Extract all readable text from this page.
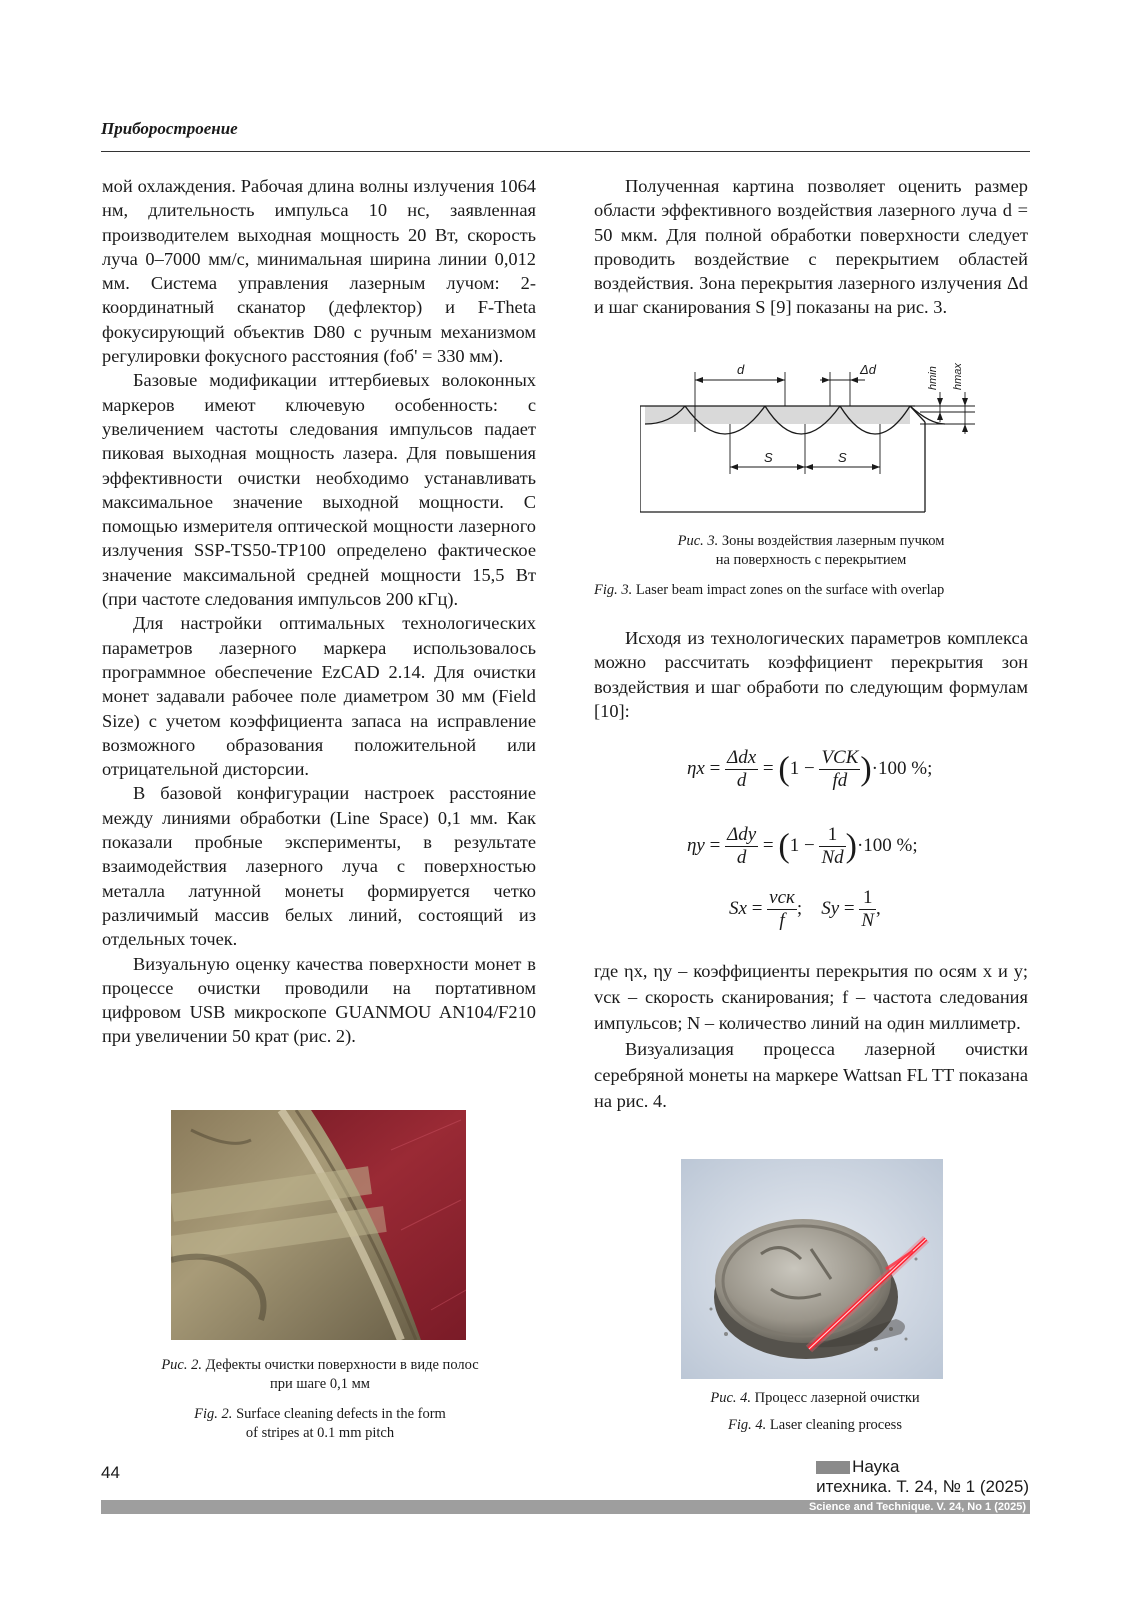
Приборостроение

мой охлаждения. Рабочая длина волны излучения 1064 нм, длительность импульса 10 нс, заявленная производителем выходная мощность 20 Вт, скорость луча 0–7000 мм/с, минимальная ширина линии 0,012 мм. Система управления лазерным лучом: 2-координатный сканатор (дефлектор) и F-Theta фокусирующий объектив D80 с ручным механизмом регулировки фокусного расстояния (fоб' = 330 мм).

Базовые модификации иттербиевых волоконных маркеров имеют ключевую особенность: с увеличением частоты следования импульсов падает пиковая выходная мощность лазера. Для повышения эффективности очистки необходимо устанавливать максимальное значение выходной мощности. С помощью измерителя оптической мощности лазерного излучения SSP-TS50-TP100 определено фактическое значение максимальной средней мощности 15,5 Вт (при частоте следования импульсов 200 кГц).

Для настройки оптимальных технологических параметров лазерного маркера использовалось программное обеспечение EzCAD 2.14. Для очистки монет задавали рабочее поле диаметром 30 мм (Field Size) с учетом коэффициента запаса на исправление возможного образования положительной или отрицательной дисторсии.

В базовой конфигурации настроек расстояние между линиями обработки (Line Space) 0,1 мм. Как показали пробные эксперименты, в результате взаимодействия лазерного луча с поверхностью металла латунной монеты формируется четко различимый массив белых линий, состоящий из отдельных точек.

Визуальную оценку качества поверхности монет в процессе очистки проводили на портативном цифровом USB микроскопе GUANMOU AN104/F210 при увеличении 50 крат (рис. 2).

Рис. 2. Дефекты очистки поверхности в виде полос
при шаге 0,1 мм
Fig. 2. Surface cleaning defects in the form
of stripes at 0.1 mm pitch

Полученная картина позволяет оценить размер области эффективного воздействия лазерного луча d = 50 мкм. Для полной обработки поверхности следует проводить воздействие с перекрытием областей воздействия. Зона перекрытия лазерного излучения Δd и шаг сканирования S [9] показаны на рис. 3.

d	Δd
S	S
hmin hmax
Рис. 3. Зоны воздействия лазерным пучком
на поверхность с перекрытием
Fig. 3. Laser beam impact zones on the surface with overlap

Исходя из технологических параметров комплекса можно рассчитать коэффициент перекрытия зон воздействия и шаг обработи по следующим формулам [10]:

$\eta x = \frac{\text{Δdx}}{d} = (1 - \frac{\text{VСК}}{fd} )\cdot 100$ %;
$\eta y = \frac{\text{Δdy}}{d} = (1 - \frac{1}{Nd} )\cdot 100$ %;
$Sx = \frac{\text{vск}}{f}$ ;    $Sy = \frac{1}{N}$ ,

где ηx, ηy – коэффициенты перекрытия по осям x и y; vск – скорость сканирования; f – частота следования импульсов; N – количество линий на один миллиметр.

Визуализация процесса лазерной очистки серебряной монеты на маркере Wattsan FL TT показана на рис. 4.

Рис. 4. Процесс лазерной очистки
Fig. 4. Laser cleaning process
44	Наука
итехника. Т. 24, № 1 (2025)
Science and Technique. V. 24, No 1 (2025)
